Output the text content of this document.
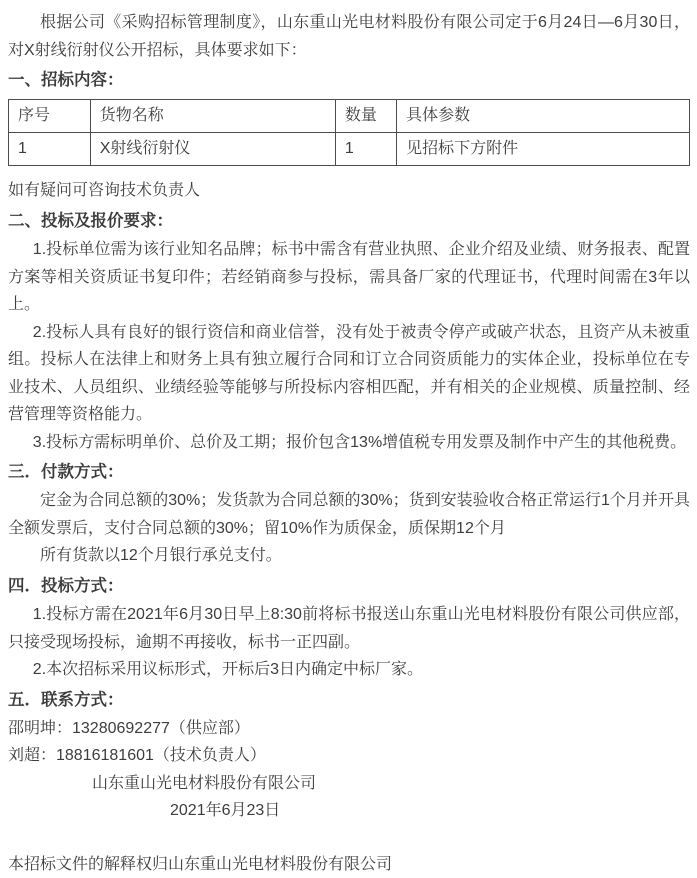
根据公司《采购招标管理制度》，山东重山光电材料股份有限公司定于6月24日—6月30日，对X射线衍射仪公开招标，具体要求如下：

一、招标内容：
序号	货物名称	数量	具体参数
1	X射线衍射仪	1	见招标下方附件

如有疑问可咨询技术负责人

二、投标及报价要求：

1.投标单位需为该行业知名品牌；标书中需含有营业执照、企业介绍及业绩、财务报表、配置方案等相关资质证书复印件；若经销商参与投标，需具备厂家的代理证书，代理时间需在3年以上。

2.投标人具有良好的银行资信和商业信誉，没有处于被责令停产或破产状态，且资产从未被重组。投标人在法律上和财务上具有独立履行合同和订立合同资质能力的实体企业，投标单位在专业技术、人员组织、业绩经验等能够与所投标内容相匹配，并有相关的企业规模、质量控制、经营管理等资格能力。

3.投标方需标明单价、总价及工期；报价包含13%增值税专用发票及制作中产生的其他税费。

三．付款方式：

定金为合同总额的30%；发货款为合同总额的30%；货到安装验收合格正常运行1个月并开具全额发票后，支付合同总额的30%；留10%作为质保金，质保期12个月

所有货款以12个月银行承兑支付。

四．投标方式：

1.投标方需在2021年6月30日早上8:30前将标书报送山东重山光电材料股份有限公司供应部，只接受现场投标，逾期不再接收，标书一正四副。

2.本次招标采用议标形式，开标后3日内确定中标厂家。

五．联系方式：

邵明坤：13280692277（供应部）

刘超：18816181601（技术负责人）

山东重山光电材料股份有限公司

2021年6月23日

本招标文件的解释权归山东重山光电材料股份有限公司
